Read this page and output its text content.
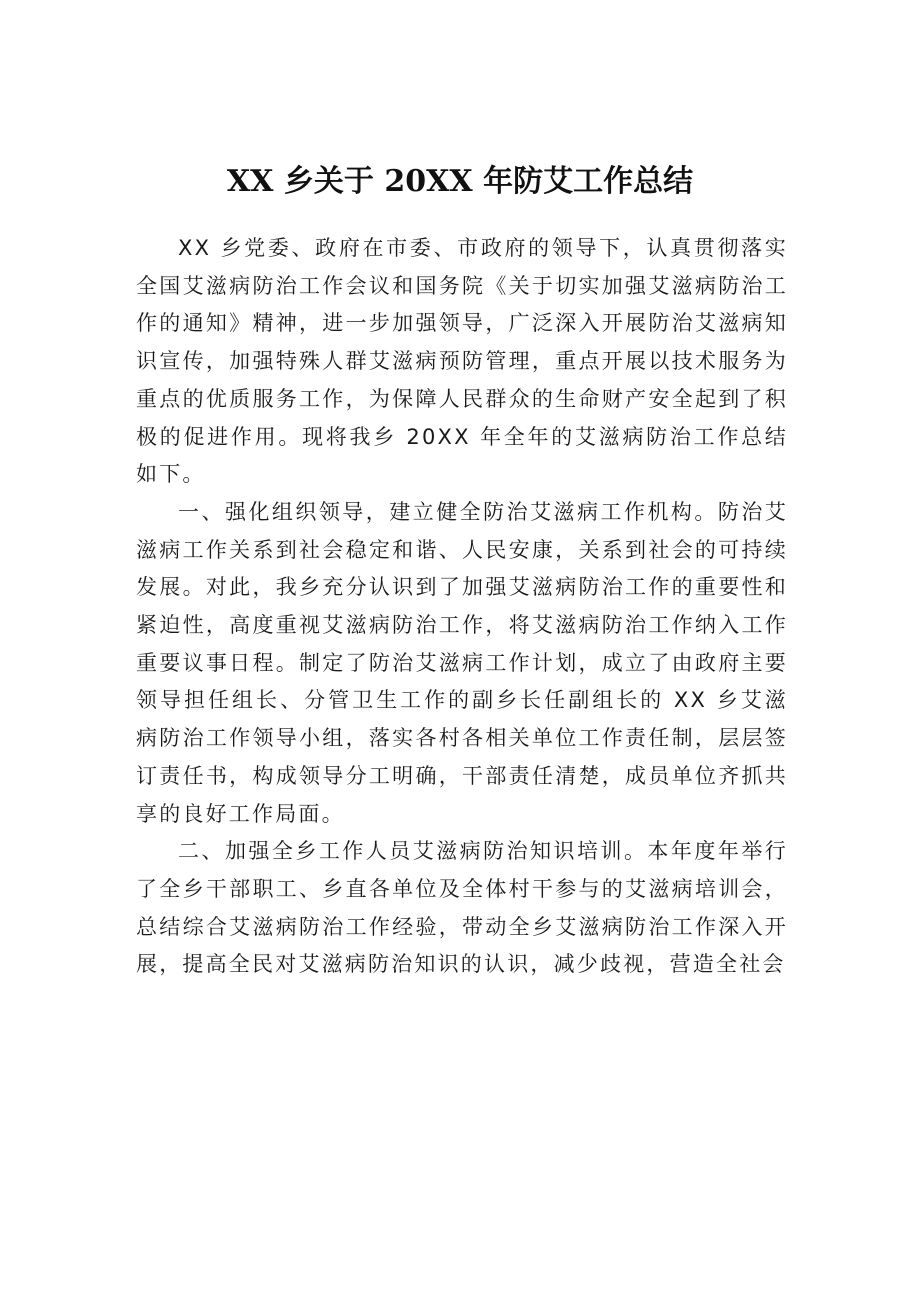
XX 乡关于 20XX 年防艾工作总结

XX 乡党委、政府在市委、市政府的领导下，认真贯彻落实全国艾滋病防治工作会议和国务院《关于切实加强艾滋病防治工作的通知》精神，进一步加强领导，广泛深入开展防治艾滋病知识宣传，加强特殊人群艾滋病预防管理，重点开展以技术服务为重点的优质服务工作，为保障人民群众的生命财产安全起到了积极的促进作用。现将我乡 20XX 年全年的艾滋病防治工作总结如下。

一、强化组织领导，建立健全防治艾滋病工作机构。防治艾滋病工作关系到社会稳定和谐、人民安康，关系到社会的可持续发展。对此，我乡充分认识到了加强艾滋病防治工作的重要性和紧迫性，高度重视艾滋病防治工作，将艾滋病防治工作纳入工作重要议事日程。制定了防治艾滋病工作计划，成立了由政府主要领导担任组长、分管卫生工作的副乡长任副组长的 XX 乡艾滋病防治工作领导小组，落实各村各相关单位工作责任制，层层签订责任书，构成领导分工明确，干部责任清楚，成员单位齐抓共享的良好工作局面。

二、加强全乡工作人员艾滋病防治知识培训。本年度年举行了全乡干部职工、乡直各单位及全体村干参与的艾滋病培训会，总结综合艾滋病防治工作经验，带动全乡艾滋病防治工作深入开展，提高全民对艾滋病防治知识的认识，减少歧视，营造全社会
